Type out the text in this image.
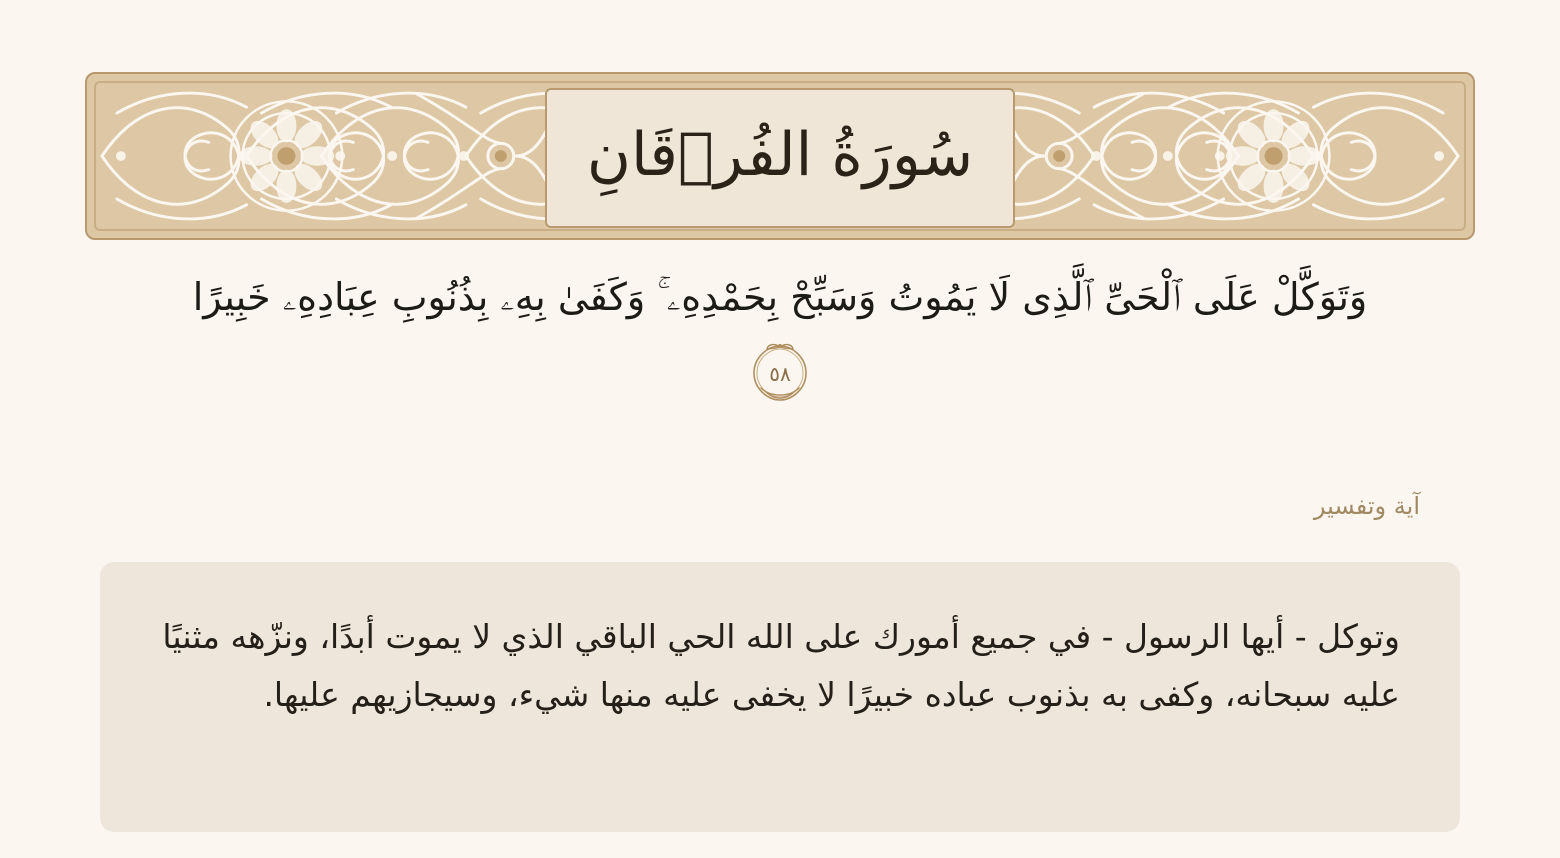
سُورَةُ الفُرۡقَانِ
وَتَوَكَّلْ عَلَى ٱلْحَىِّ ٱلَّذِى لَا يَمُوتُ وَسَبِّحْ بِحَمْدِهِۦ ۚ وَكَفَىٰ بِهِۦ بِذُنُوبِ عِبَادِهِۦ خَبِيرًا
٥٨
آية وتفسير
وتوكل - أيها الرسول - في جميع أمورك على الله الحي الباقي الذي لا يموت أبدًا، ونزّهه مثنيًا عليه سبحانه، وكفى به بذنوب عباده خبيرًا لا يخفى عليه منها شيء، وسيجازيهم عليها.
